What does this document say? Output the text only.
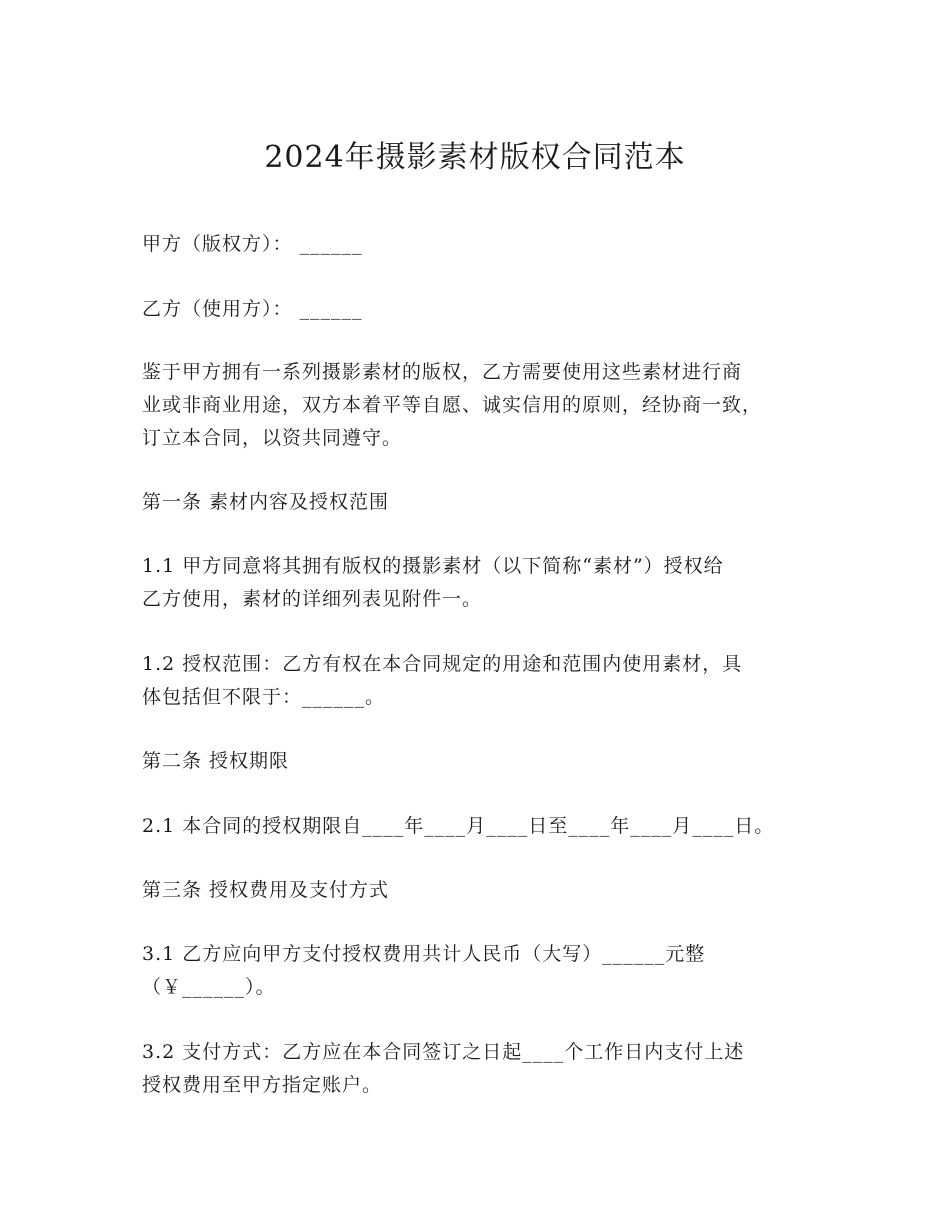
2024年摄影素材版权合同范本
甲方（版权方）： ______
乙方（使用方）： ______
鉴于甲方拥有一系列摄影素材的版权，乙方需要使用这些素材进行商
业或非商业用途，双方本着平等自愿、诚实信用的原则，经协商一致，
订立本合同，以资共同遵守。
第一条 素材内容及授权范围
1.1 甲方同意将其拥有版权的摄影素材（以下简称“素材”）授权给
乙方使用，素材的详细列表见附件一。
1.2 授权范围：乙方有权在本合同规定的用途和范围内使用素材，具
体包括但不限于：______。
第二条 授权期限
2.1 本合同的授权期限自____年____月____日至____年____月____日。
第三条 授权费用及支付方式
3.1 乙方应向甲方支付授权费用共计人民币（大写）______元整
（￥______）。
3.2 支付方式：乙方应在本合同签订之日起____个工作日内支付上述
授权费用至甲方指定账户。
